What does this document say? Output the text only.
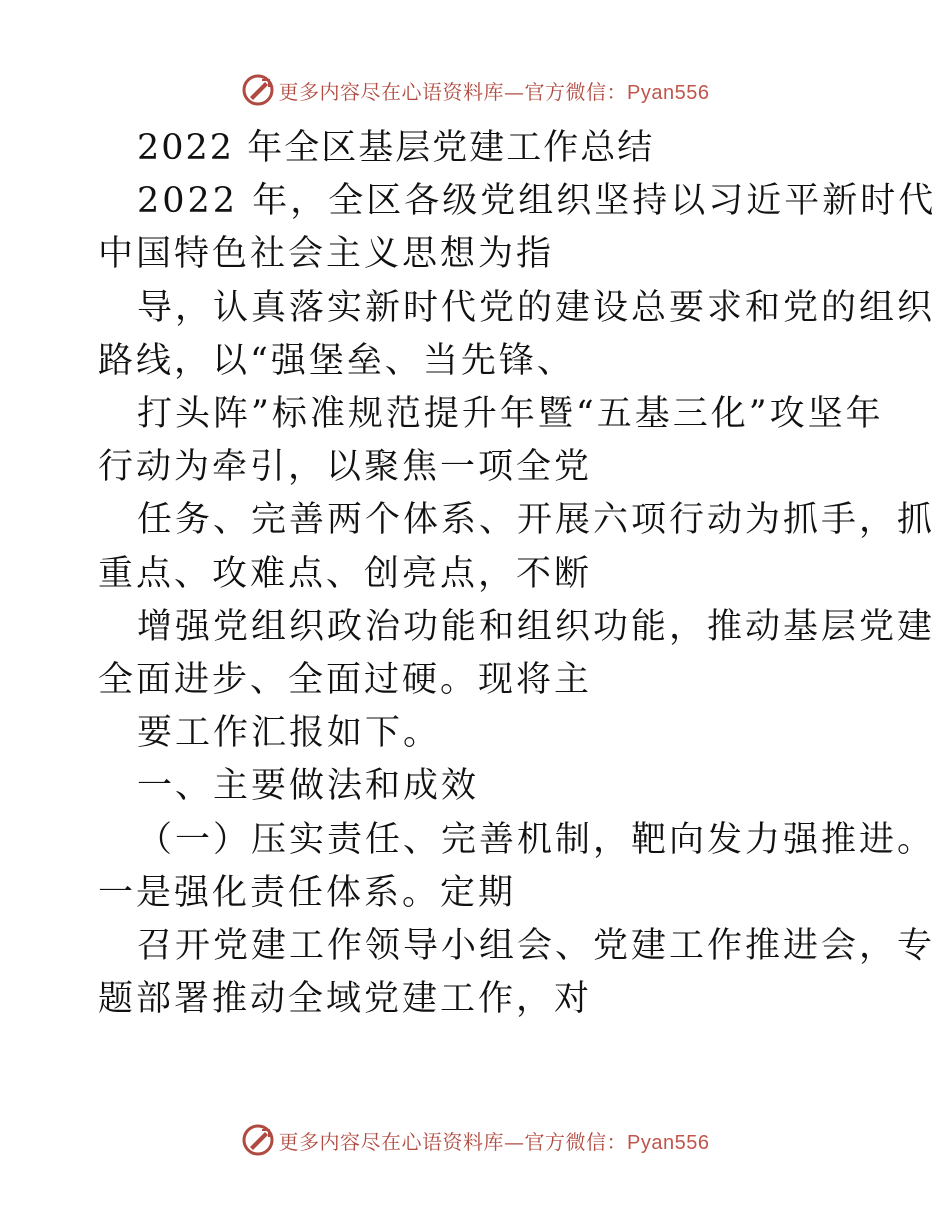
更多内容尽在心语资料库—官方微信：Pyan556

2022 年全区基层党建工作总结

2022 年，全区各级党组织坚持以习近平新时代

中国特色社会主义思想为指

导，认真落实新时代党的建设总要求和党的组织

路线，以“强堡垒、当先锋、

打头阵”标准规范提升年暨“五基三化”攻坚年

行动为牵引，以聚焦一项全党

任务、完善两个体系、开展六项行动为抓手，抓

重点、攻难点、创亮点，不断

增强党组织政治功能和组织功能，推动基层党建

全面进步、全面过硬。现将主

要工作汇报如下。

一、主要做法和成效

（一）压实责任、完善机制，靶向发力强推进。

一是强化责任体系。定期

召开党建工作领导小组会、党建工作推进会，专

题部署推动全域党建工作，对

更多内容尽在心语资料库—官方微信：Pyan556
